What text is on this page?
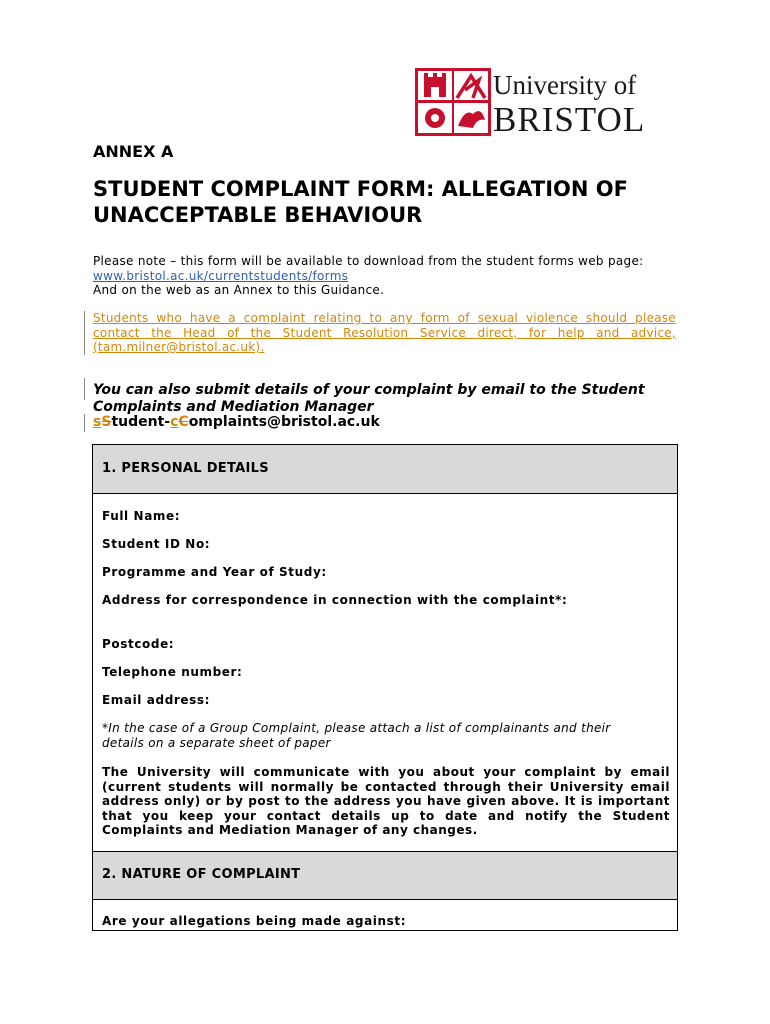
University of
BRISTOL
ANNEX A
STUDENT COMPLAINT FORM: ALLEGATION OF UNACCEPTABLE BEHAVIOUR
Please note – this form will be available to download from the student forms web page:
www.bristol.ac.uk/currentstudents/forms
And on the web as an Annex to this Guidance.
Students who have a complaint relating to any form of sexual violence should please contact the Head of the Student Resolution Service direct, for help and advice, (tam.milner@bristol.ac.uk).
You can also submit details of your complaint by email to the Student Complaints and Mediation Manager
sStudent-cComplaints@bristol.ac.uk
1. PERSONAL DETAILS
Full Name:
Student ID No:
Programme and Year of Study:
Address for correspondence in connection with the complaint*:
Postcode:
Telephone number:
Email address:
*In the case of a Group Complaint, please attach a list of complainants and their details on a separate sheet of paper
The University will communicate with you about your complaint by email (current students will normally be contacted through their University email address only) or by post to the address you have given above. It is important that you keep your contact details up to date and notify the Student Complaints and Mediation Manager of any changes.
2. NATURE OF COMPLAINT
Are your allegations being made against:
